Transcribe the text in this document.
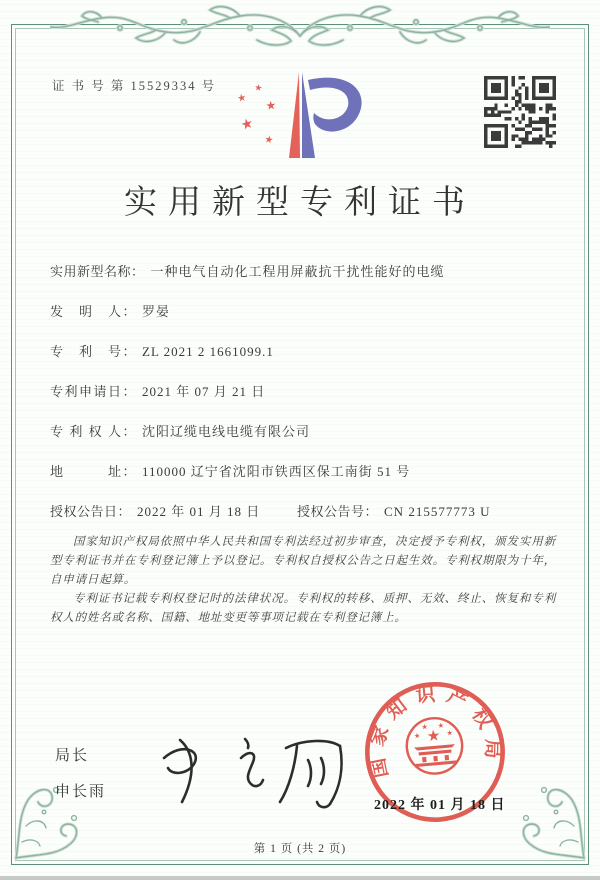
证 书 号 第 15529334 号
★
★
★
★
★
实用新型专利证书
实用新型名称： 一种电气自动化工程用屏蔽抗干扰性能好的电缆
发　明　人： 罗晏
专　利　号： ZL 2021 2 1661099.1
专利申请日： 2021 年 07 月 21 日
专 利 权 人： 沈阳辽缆电线电缆有限公司
地　　　址： 110000 辽宁省沈阳市铁西区保工南街 51 号
授权公告日： 2022 年 01 月 18 日	授权公告号： CN 215577773 U

国家知识产权局依照中华人民共和国专利法经过初步审查，决定授予专利权，颁发实用新型专利证书并在专利登记簿上予以登记。专利权自授权公告之日起生效。专利权期限为十年，自申请日起算。

专利证书记载专利权登记时的法律状况。专利权的转移、质押、无效、终止、恢复和专利权人的姓名或名称、国籍、地址变更等事项记载在专利登记簿上。

局长
申长雨
国家知识产权局
★
★
★ ★
★
2022 年 01 月 18 日
第 1 页 (共 2 页)
